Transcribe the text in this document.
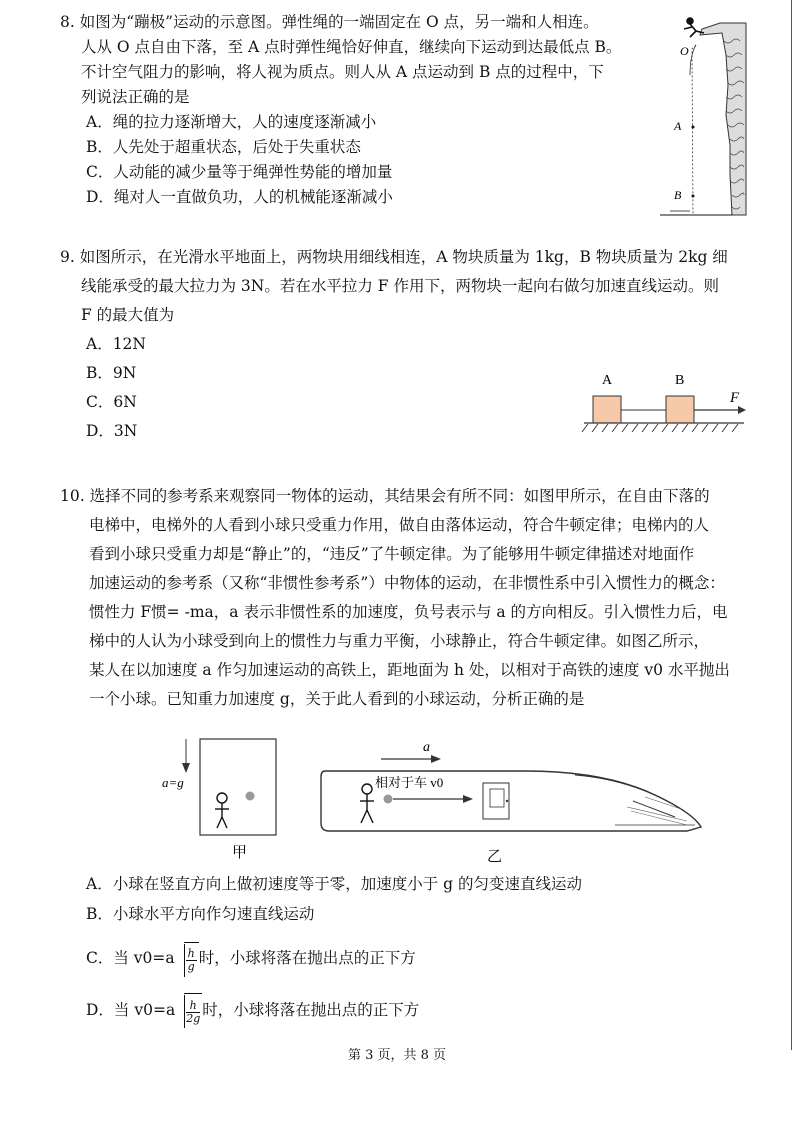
8. 如图为“蹦极”运动的示意图。弹性绳的一端固定在 O 点，另一端和人相连。
人从 O 点自由下落，至 A 点时弹性绳恰好伸直，继续向下运动到达最低点 B。
不计空气阻力的影响，将人视为质点。则人从 A 点运动到 B 点的过程中，下
列说法正确的是
A．绳的拉力逐渐增大，人的速度逐渐减小
B．人先处于超重状态，后处于失重状态
C．人动能的减少量等于绳弹性势能的增加量
D．绳对人一直做负功，人的机械能逐渐减小
O
A
B
9. 如图所示，在光滑水平地面上，两物块用细线相连，A 物块质量为 1kg，B 物块质量为 2kg 细
线能承受的最大拉力为 3N。若在水平拉力 F 作用下，两物块一起向右做匀加速直线运动。则
F 的最大值为
A．12N
B．9N
C．6N
D．3N
A	B
F
10. 选择不同的参考系来观察同一物体的运动，其结果会有所不同：如图甲所示，在自由下落的
电梯中，电梯外的人看到小球只受重力作用，做自由落体运动，符合牛顿定律；电梯内的人
看到小球只受重力却是“静止”的，“违反”了牛顿定律。为了能够用牛顿定律描述对地面作
加速运动的参考系（又称“非惯性参考系”）中物体的运动，在非惯性系中引入惯性力的概念：
惯性力 F惯= -ma，a 表示非惯性系的加速度，负号表示与 a 的方向相反。引入惯性力后，电
梯中的人认为小球受到向上的惯性力与重力平衡，小球静止，符合牛顿定律。如图乙所示，
某人在以加速度 a 作匀加速运动的高铁上，距地面为 h 处，以相对于高铁的速度 v0 水平抛出
一个小球。已知重力加速度 g，关于此人看到的小球运动，分析正确的是
a=g
甲
a
相对于车 v0
乙
A．小球在竖直方向上做初速度等于零，加速度小于 g 的匀变速直线运动
B．小球水平方向作匀速直线运动
C．当 $v0=a \frac{h}{g}$ 时，小球将落在抛出点的正下方
D．当 $v0=a \frac{h}{2g}$ 时，小球将落在抛出点的正下方
第 3 页，共 8 页
